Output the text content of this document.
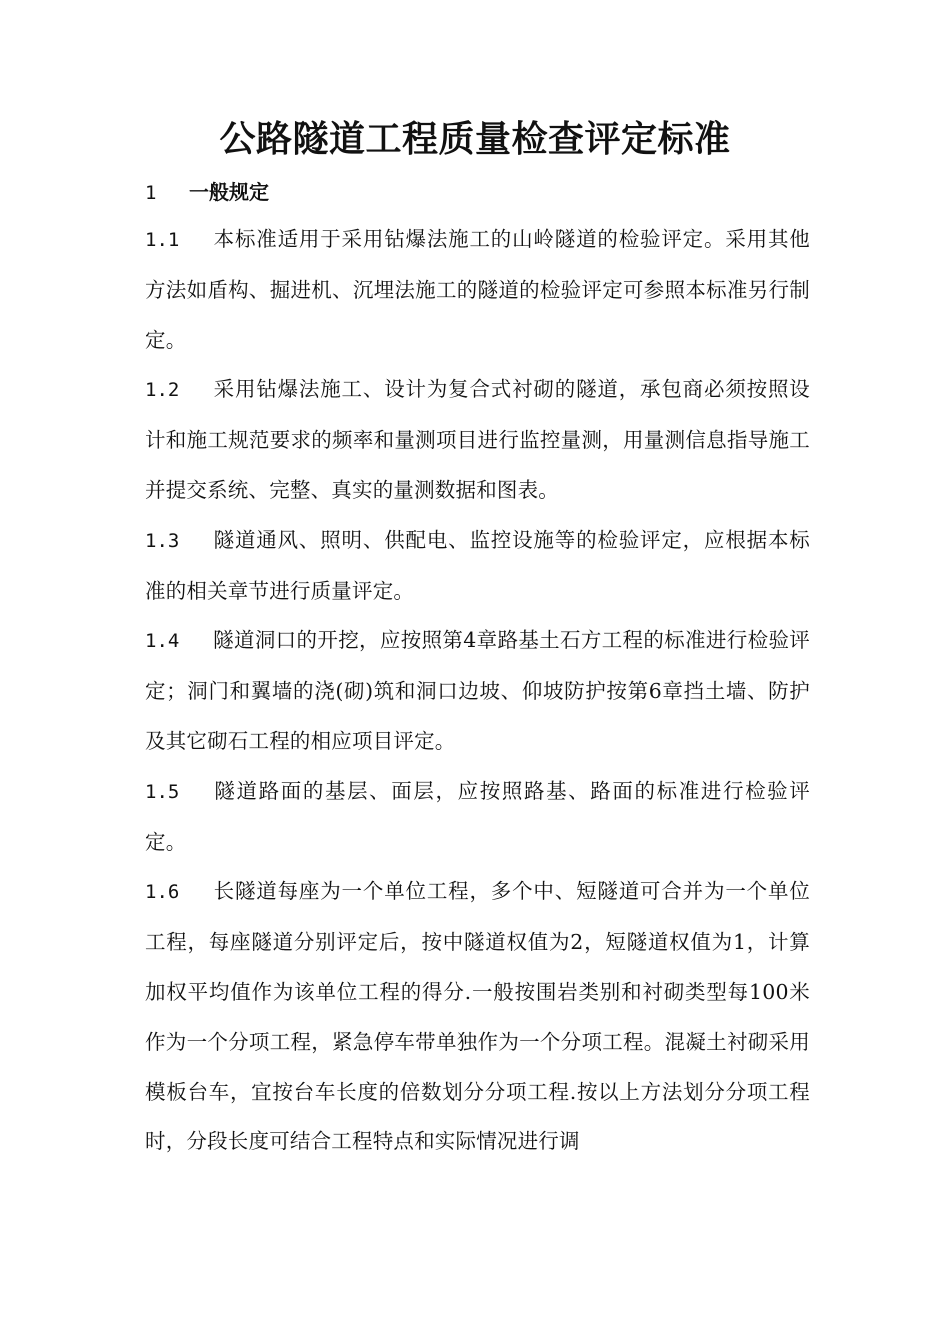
公路隧道工程质量检查评定标准
1 一般规定

1.1 本标准适用于采用钻爆法施工的山岭隧道的检验评定。采用其他方法如盾构、掘进机、沉埋法施工的隧道的检验评定可参照本标准另行制定。

1.2 采用钻爆法施工、设计为复合式衬砌的隧道，承包商必须按照设计和施工规范要求的频率和量测项目进行监控量测，用量测信息指导施工并提交系统、完整、真实的量测数据和图表。

1.3 隧道通风、照明、供配电、监控设施等的检验评定，应根据本标准的相关章节进行质量评定。

1.4 隧道洞口的开挖，应按照第4章路基土石方工程的标准进行检验评定；洞门和翼墙的浇(砌)筑和洞口边坡、仰坡防护按第6章挡土墙、防护及其它砌石工程的相应项目评定。

1.5 隧道路面的基层、面层，应按照路基、路面的标准进行检验评定。

1.6 长隧道每座为一个单位工程，多个中、短隧道可合并为一个单位工程，每座隧道分别评定后，按中隧道权值为2，短隧道权值为1，计算加权平均值作为该单位工程的得分.一般按围岩类别和衬砌类型每100米作为一个分项工程，紧急停车带单独作为一个分项工程。混凝土衬砌采用模板台车，宜按台车长度的倍数划分分项工程.按以上方法划分分项工程时，分段长度可结合工程特点和实际情况进行调
